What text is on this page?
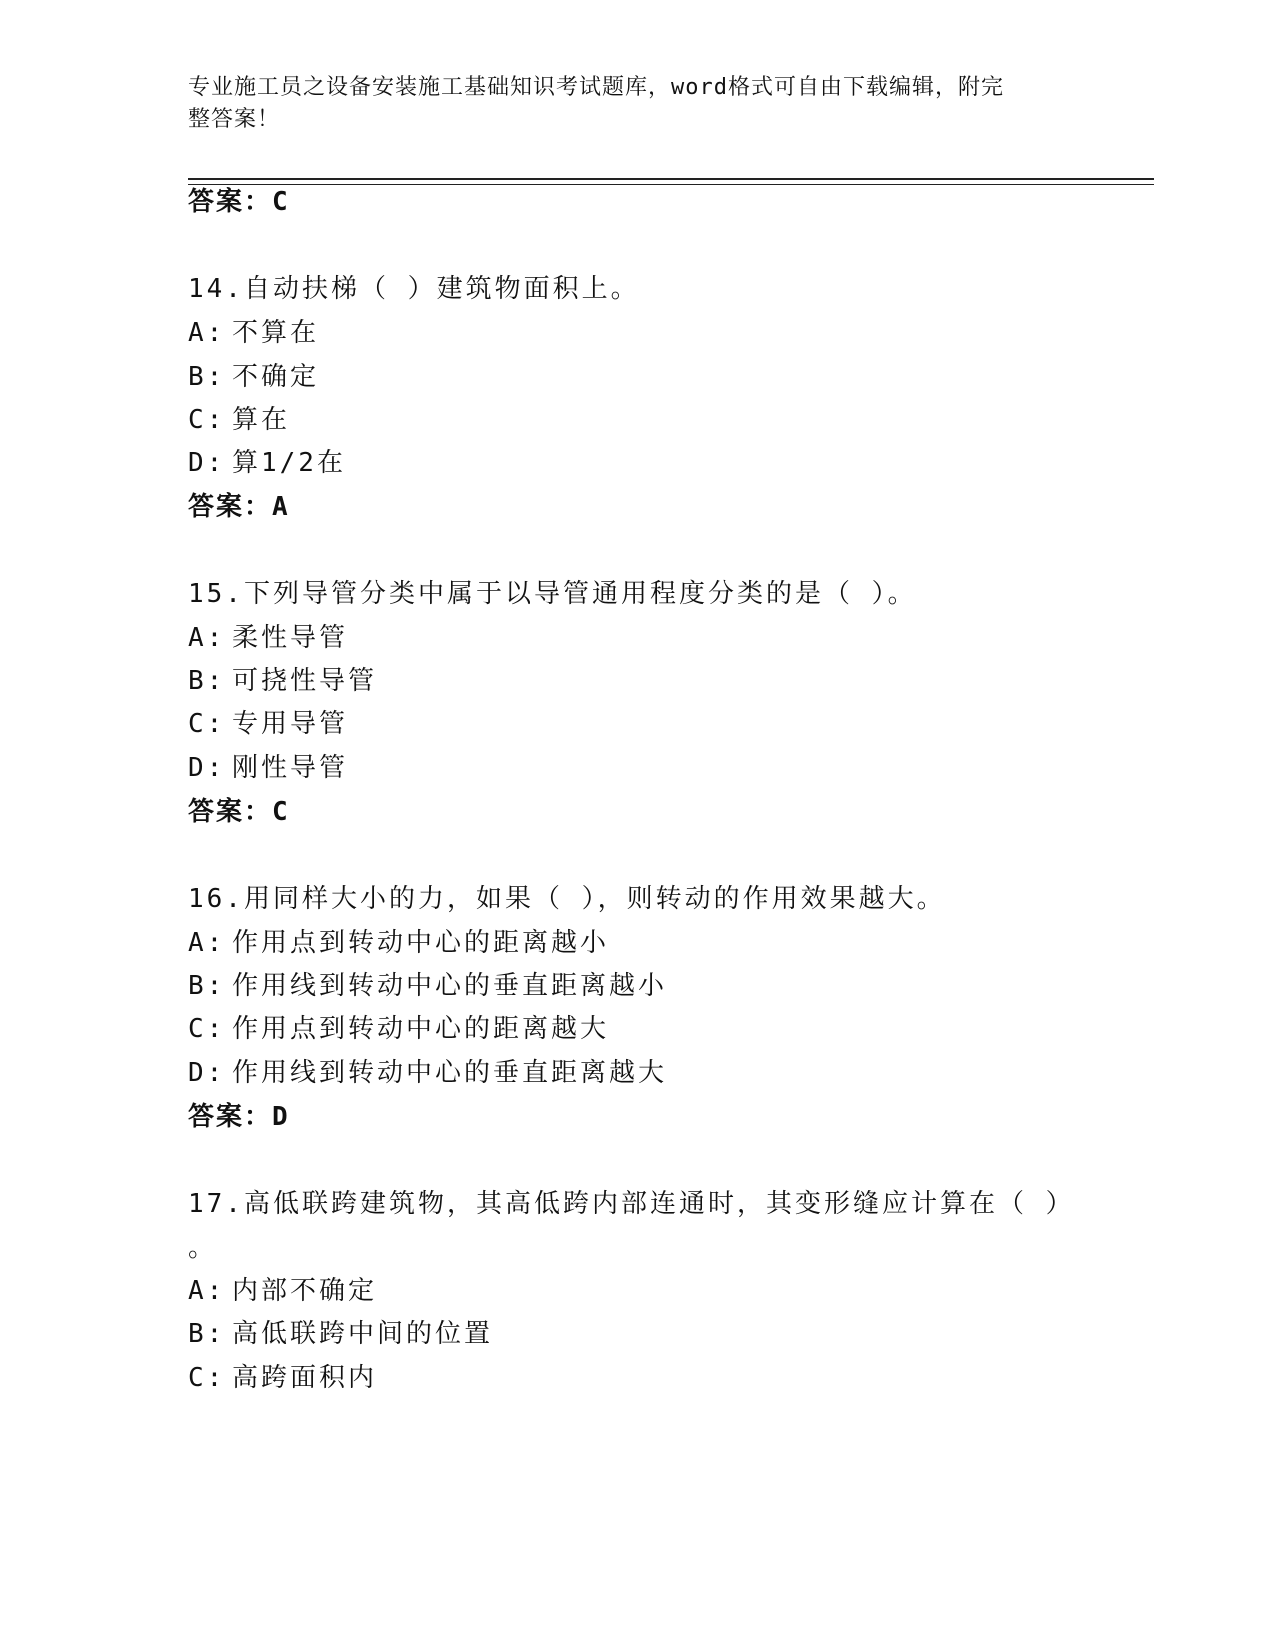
专业施工员之设备安装施工基础知识考试题库，word格式可自由下载编辑，附完
整答案！
答案：C
14.自动扶梯（ ）建筑物面积上。
A: 不算在
B: 不确定
C: 算在
D: 算1/2在
答案：A
15.下列导管分类中属于以导管通用程度分类的是（ ）。
A: 柔性导管
B: 可挠性导管
C: 专用导管
D: 刚性导管
答案：C
16.用同样大小的力，如果（ ），则转动的作用效果越大。
A: 作用点到转动中心的距离越小
B: 作用线到转动中心的垂直距离越小
C: 作用点到转动中心的距离越大
D: 作用线到转动中心的垂直距离越大
答案：D
17.高低联跨建筑物，其高低跨内部连通时，其变形缝应计算在（ ）
。
A: 内部不确定
B: 高低联跨中间的位置
C: 高跨面积内
